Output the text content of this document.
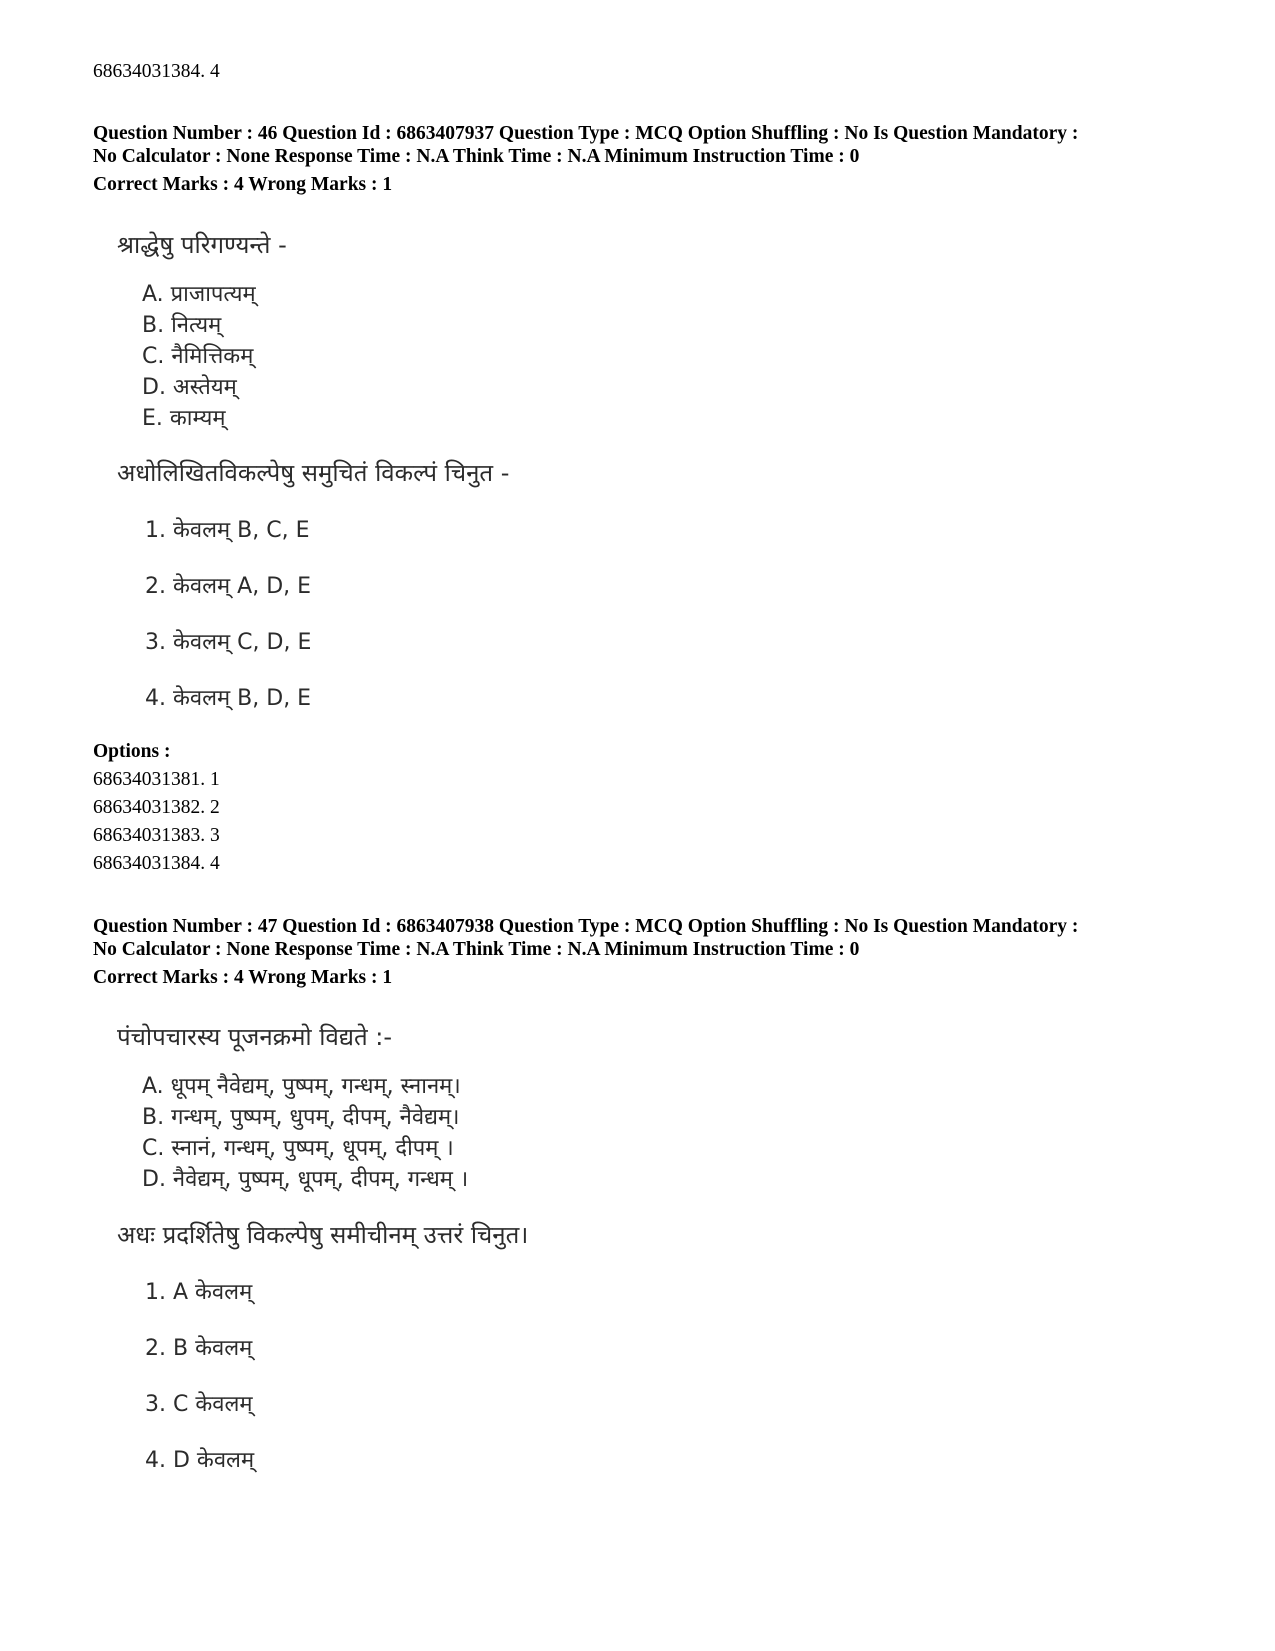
68634031384. 4
Question Number : 46 Question Id : 6863407937 Question Type : MCQ Option Shuffling : No Is Question Mandatory :
No Calculator : None Response Time : N.A Think Time : N.A Minimum Instruction Time : 0
Correct Marks : 4 Wrong Marks : 1
श्राद्धेषु परिगण्यन्ते -
A. प्राजापत्यम्
B. नित्यम्
C. नैमित्तिकम्
D. अस्तेयम्
E. काम्यम्
अधोलिखितविकल्पेषु समुचितं विकल्पं चिनुत -
1. केवलम् B, C, E
2. केवलम् A, D, E
3. केवलम् C, D, E
4. केवलम् B, D, E
Options :
68634031381. 1
68634031382. 2
68634031383. 3
68634031384. 4
Question Number : 47 Question Id : 6863407938 Question Type : MCQ Option Shuffling : No Is Question Mandatory :
No Calculator : None Response Time : N.A Think Time : N.A Minimum Instruction Time : 0
Correct Marks : 4 Wrong Marks : 1
पंचोपचारस्य पूजनक्रमो विद्यते :-
A. धूपम् नैवेद्यम्, पुष्पम्, गन्धम्, स्नानम्।
B. गन्धम्, पुष्पम्, धुपम्, दीपम्, नैवेद्यम्।
C. स्नानं, गन्धम्, पुष्पम्, धूपम्, दीपम् ।
D. नैवेद्यम्, पुष्पम्, धूपम्, दीपम्, गन्धम् ।
अधः प्रदर्शितेषु विकल्पेषु समीचीनम् उत्तरं चिनुत।
1. A केवलम्
2. B केवलम्
3. C केवलम्
4. D केवलम्
